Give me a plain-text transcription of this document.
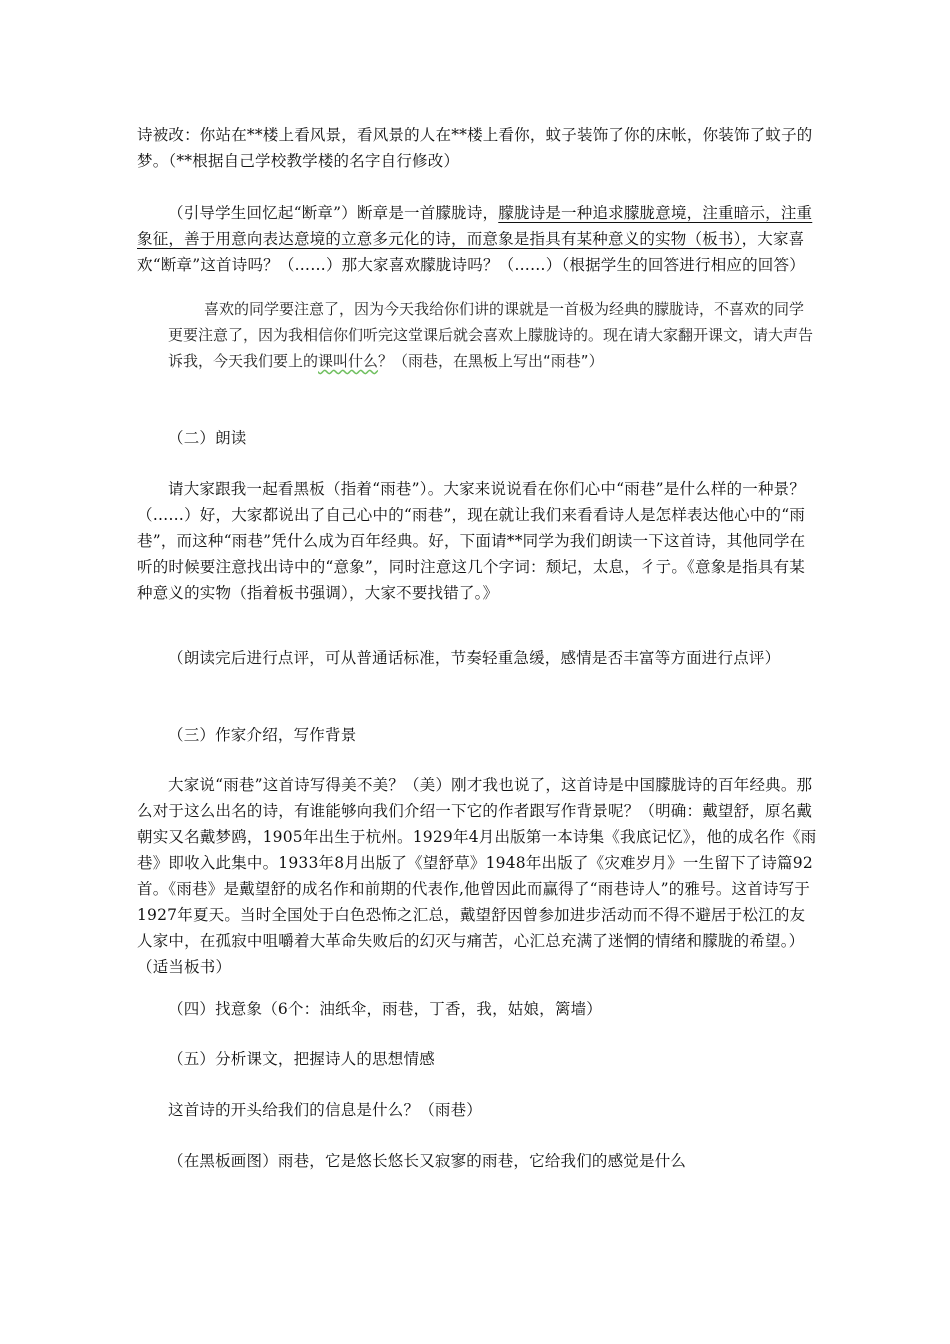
诗被改：你站在**楼上看风景，看风景的人在**楼上看你，蚊子装饰了你的床帐，你装饰了蚊子的梦。（**根据自己学校教学楼的名字自行修改）

（引导学生回忆起“断章”）断章是一首朦胧诗，朦胧诗是一种追求朦胧意境，注重暗示，注重象征，善于用意向表达意境的立意多元化的诗，而意象是指具有某种意义的实物（板书），大家喜欢“断章”这首诗吗？（……）那大家喜欢朦胧诗吗？（……）（根据学生的回答进行相应的回答）

喜欢的同学要注意了，因为今天我给你们讲的课就是一首极为经典的朦胧诗，不喜欢的同学更要注意了，因为我相信你们听完这堂课后就会喜欢上朦胧诗的。现在请大家翻开课文，请大声告诉我，今天我们要上的课叫什么？（雨巷，在黑板上写出“雨巷”）

（二）朗读

请大家跟我一起看黑板（指着“雨巷”）。大家来说说看在你们心中“雨巷”是什么样的一种景？（……）好，大家都说出了自己心中的“雨巷”，现在就让我们来看看诗人是怎样表达他心中的“雨巷”，而这种“雨巷”凭什么成为百年经典。好，下面请**同学为我们朗读一下这首诗，其他同学在听的时候要注意找出诗中的“意象”，同时注意这几个字词：颓圮，太息，彳亍。《意象是指具有某种意义的实物（指着板书强调），大家不要找错了。》

（朗读完后进行点评，可从普通话标准，节奏轻重急缓，感情是否丰富等方面进行点评）

（三）作家介绍，写作背景

大家说“雨巷”这首诗写得美不美？（美）刚才我也说了，这首诗是中国朦胧诗的百年经典。那么对于这么出名的诗，有谁能够向我们介绍一下它的作者跟写作背景呢？（明确：戴望舒，原名戴朝实又名戴梦鸥，1905年出生于杭州。1929年4月出版第一本诗集《我底记忆》，他的成名作《雨巷》即收入此集中。1933年8月出版了《望舒草》1948年出版了《灾难岁月》一生留下了诗篇92首。《雨巷》是戴望舒的成名作和前期的代表作,他曾因此而赢得了“雨巷诗人”的雅号。这首诗写于1927年夏天。当时全国处于白色恐怖之汇总，戴望舒因曾参加进步活动而不得不避居于松江的友人家中，在孤寂中咀嚼着大革命失败后的幻灭与痛苦，心汇总充满了迷惘的情绪和朦胧的希望。）（适当板书）

（四）找意象（6个：油纸伞，雨巷，丁香，我，姑娘，篱墙）

（五）分析课文，把握诗人的思想情感

这首诗的开头给我们的信息是什么？（雨巷）

（在黑板画图）雨巷，它是悠长悠长又寂寥的雨巷，它给我们的感觉是什么
